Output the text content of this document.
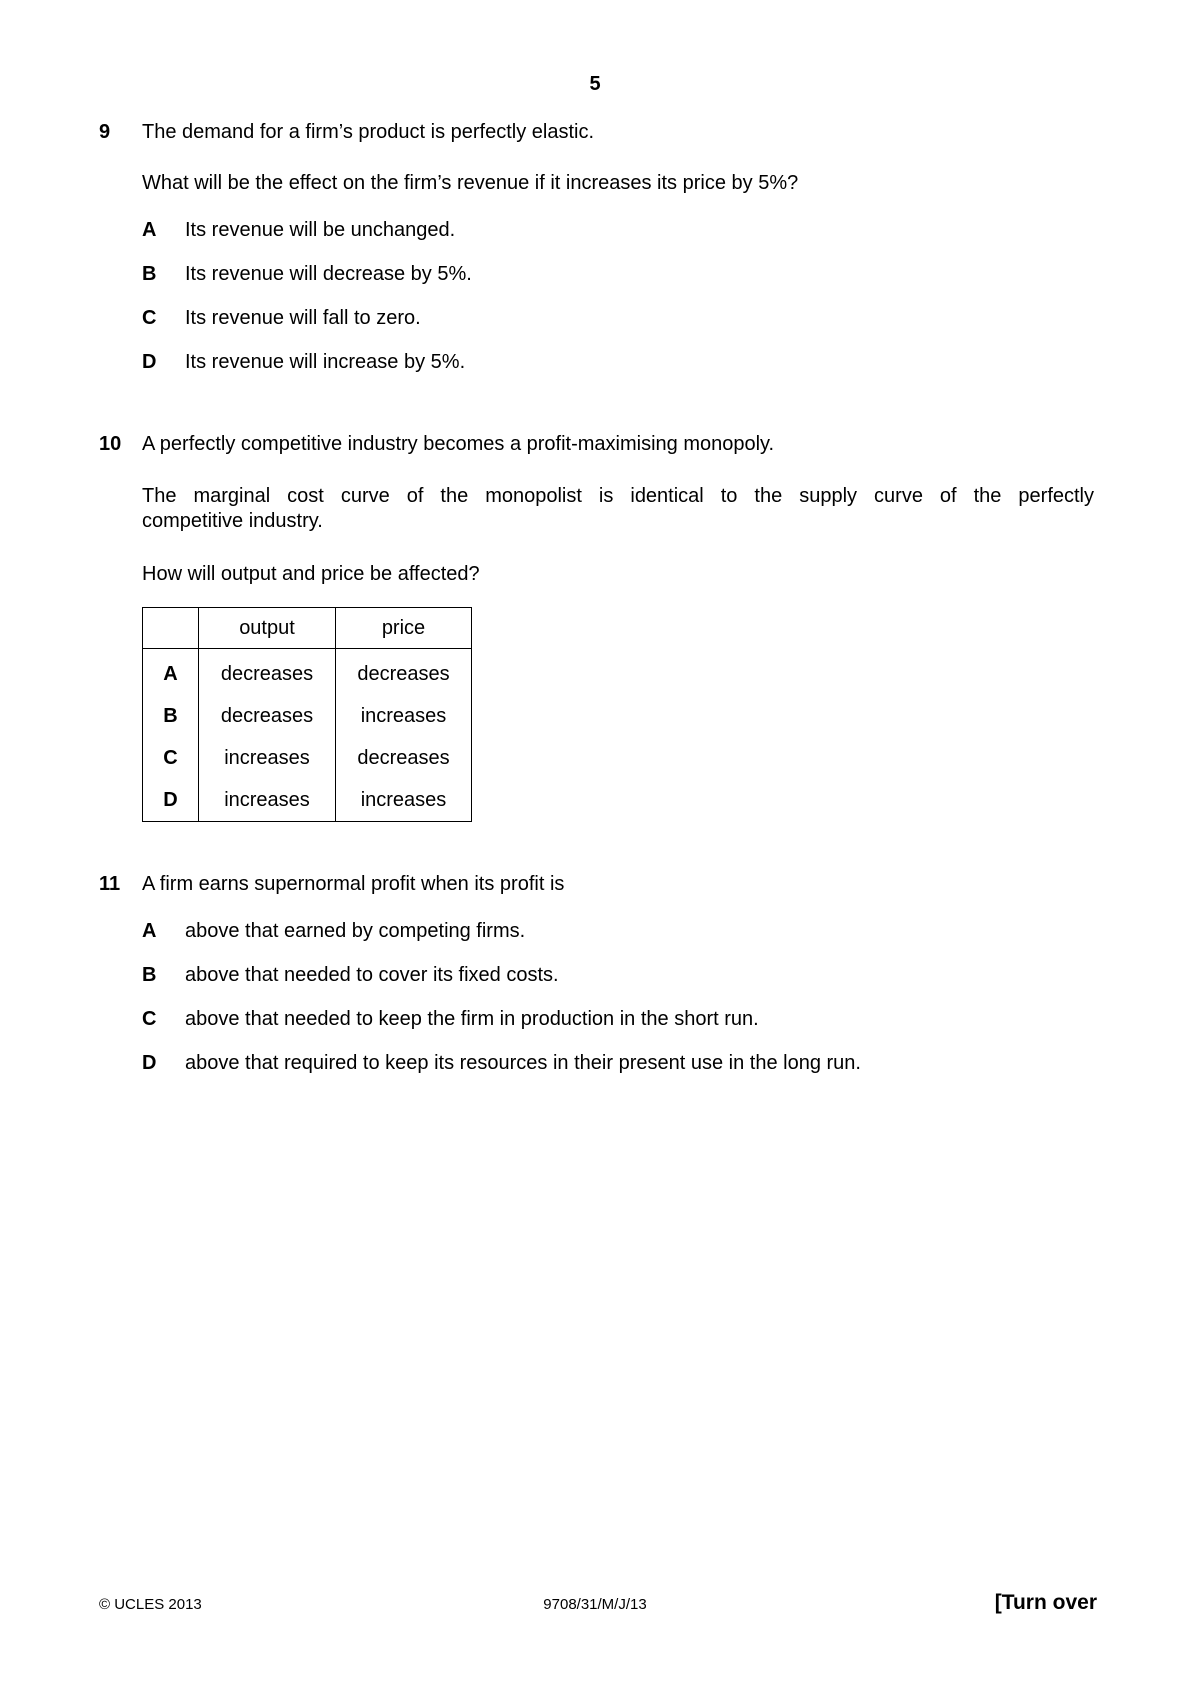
5
9 The demand for a firm’s product is perfectly elastic.
What will be the effect on the firm’s revenue if it increases its price by 5%?
A Its revenue will be unchanged.
B Its revenue will decrease by 5%.
C Its revenue will fall to zero.
D Its revenue will increase by 5%.
10 A perfectly competitive industry becomes a profit-maximising monopoly.
The marginal cost curve of the monopolist is identical to the supply curve of the perfectly
competitive industry.
How will output and price be affected?
	output	price
A	decreases	decreases
B	decreases	increases
C	increases	decreases
D	increases	increases
11 A firm earns supernormal profit when its profit is
A above that earned by competing firms.
B above that needed to cover its fixed costs.
C above that needed to keep the firm in production in the short run.
D above that required to keep its resources in their present use in the long run.
© UCLES 2013	9708/31/M/J/13	[Turn over
